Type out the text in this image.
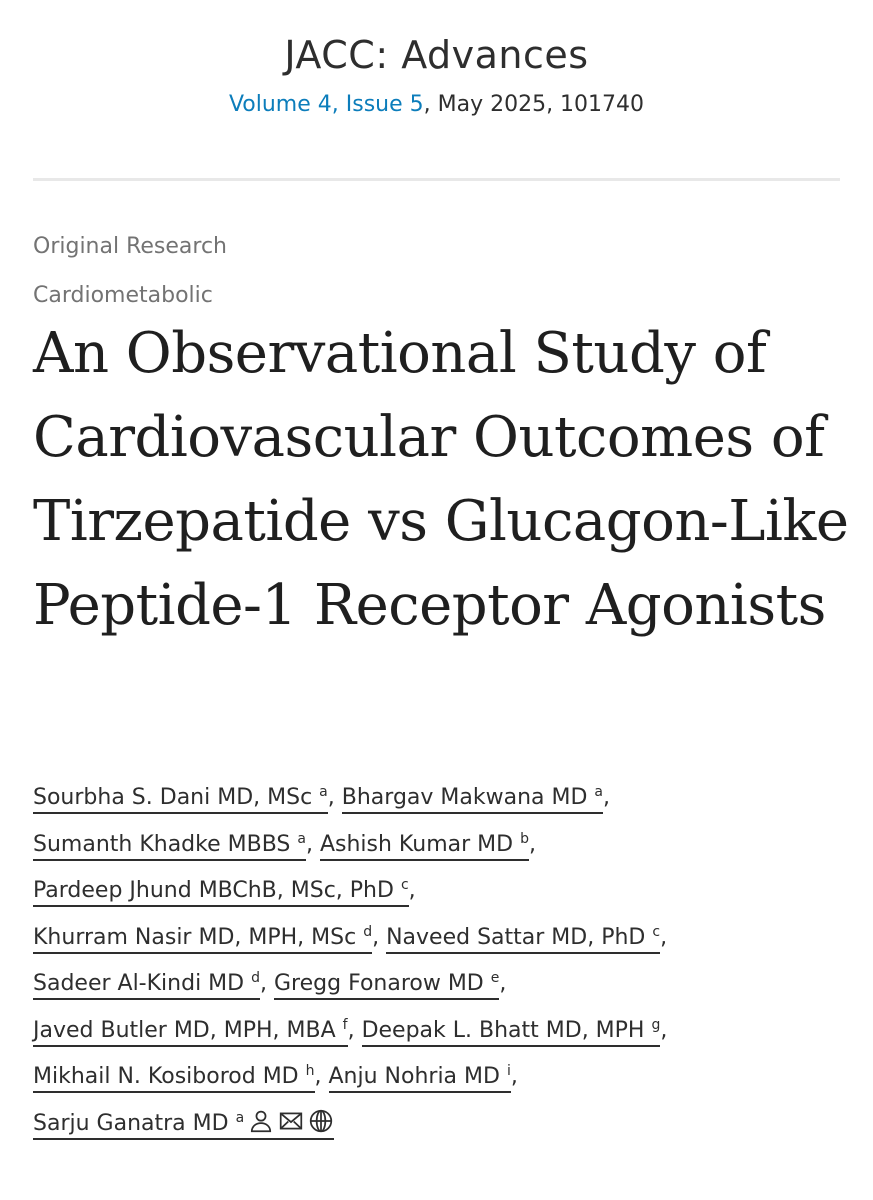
JACC: Advances
Volume 4, Issue 5, May 2025, 101740
Original Research
Cardiometabolic
An Observational Study of Cardiovascular Outcomes of Tirzepatide vs Glucagon-Like Peptide-1 Receptor Agonists
Sourbha S. Dani MD, MSc $^a$, Bhargav Makwana MD $^a$,
Sumanth Khadke MBBS $^a$, Ashish Kumar MD $^b$,
Pardeep Jhund MBChB, MSc, PhD $^c$,
Khurram Nasir MD, MPH, MSc $^d$, Naveed Sattar MD, PhD $^c$,
Sadeer Al-Kindi MD $^d$, Gregg Fonarow MD $^e$,
Javed Butler MD, MPH, MBA $^f$, Deepak L. Bhatt MD, MPH $^g$,
Mikhail N. Kosiborod MD $^h$, Anju Nohria MD $^i$,
Sarju Ganatra MD $^a$
